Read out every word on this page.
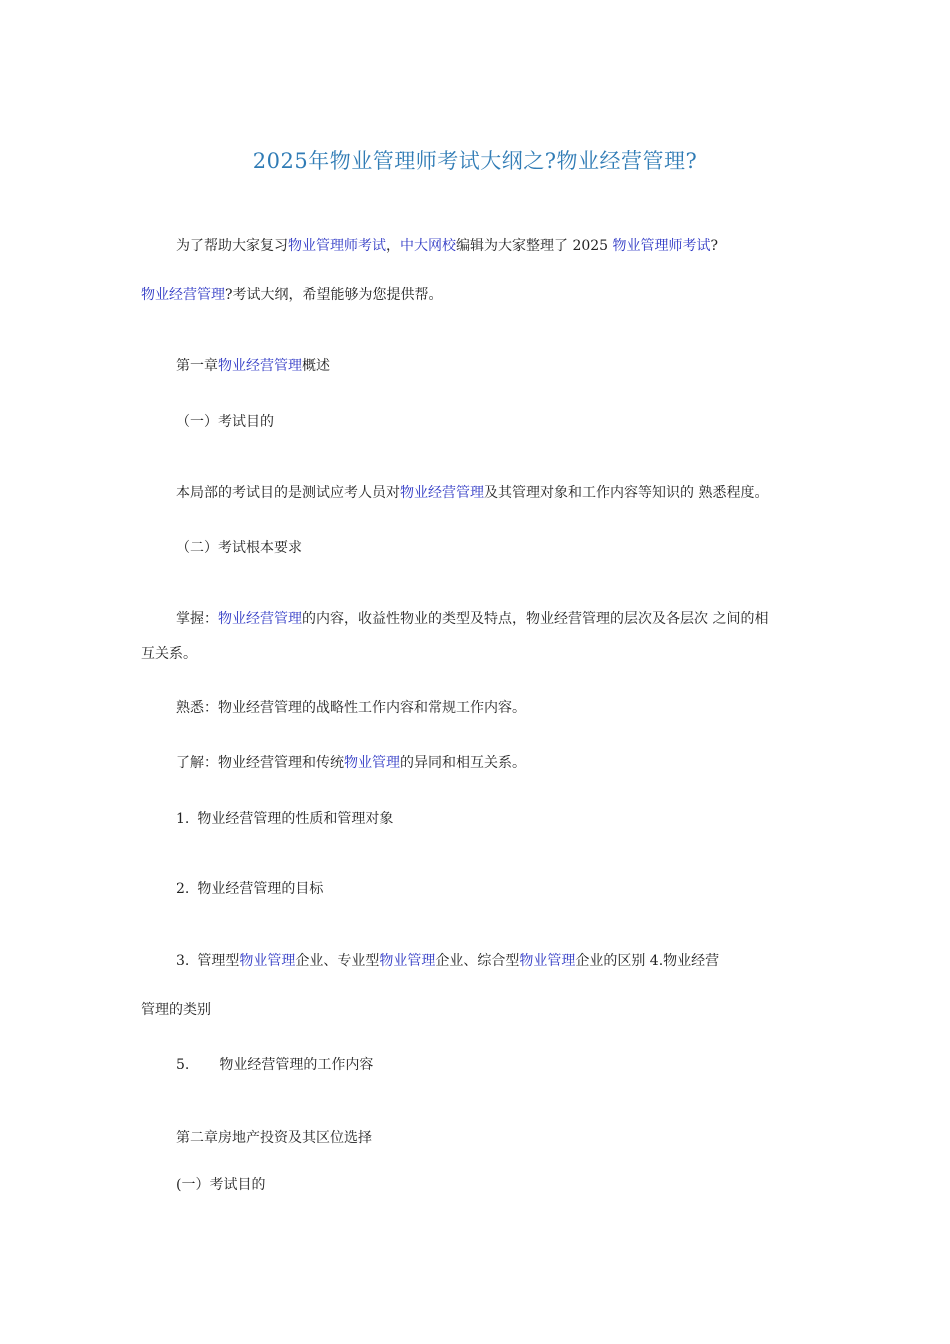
2025年物业管理师考试大纲之?物业经营管理?
为了帮助大家复习物业管理师考试，中大网校编辑为大家整理了 2025 物业管理师考试?
物业经营管理?考试大纲，希望能够为您提供帮。
第一章物业经营管理概述
（一）考试目的
本局部的考试目的是测试应考人员对物业经营管理及其管理对象和工作内容等知识的 熟悉程度。
（二）考试根本要求
掌握：物业经营管理的内容，收益性物业的类型及特点，物业经营管理的层次及各层次 之间的相
互关系。
熟悉：物业经营管理的战略性工作内容和常规工作内容。
了解：物业经营管理和传统物业管理的异同和相互关系。
1. 物业经营管理的性质和管理对象
2. 物业经营管理的目标
3. 管理型物业管理企业、专业型物业管理企业、综合型物业管理企业的区别 4.物业经营
管理的类别
5. 物业经营管理的工作内容
第二章房地产投资及其区位选择
(一）考试目的
